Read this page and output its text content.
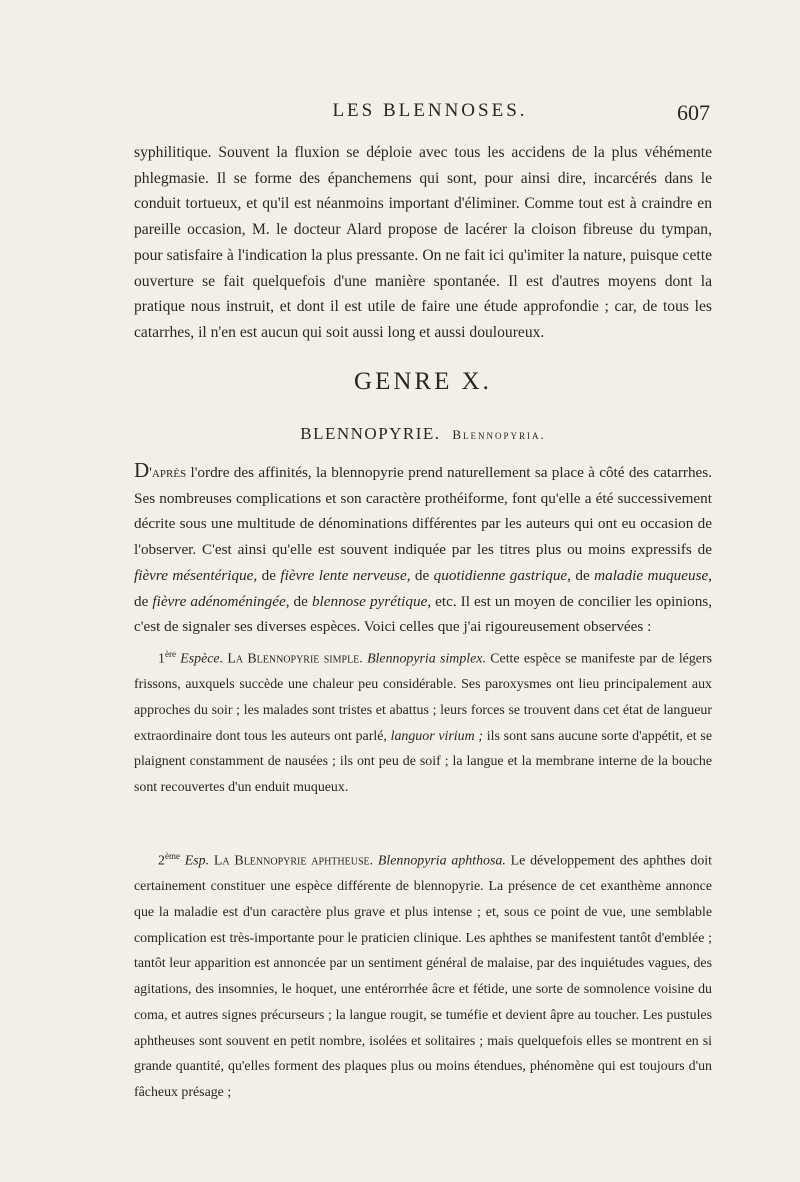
LES BLENNOSES.	607

syphilitique. Souvent la fluxion se déploie avec tous les accidens de la plus véhémente phlegmasie. Il se forme des épanchemens qui sont, pour ainsi dire, incarcérés dans le conduit tortueux, et qu'il est néanmoins important d'éliminer. Comme tout est à craindre en pareille occasion, M. le docteur Alard propose de lacérer la cloison fibreuse du tympan, pour satisfaire à l'indication la plus pressante. On ne fait ici qu'imiter la nature, puisque cette ouverture se fait quelquefois d'une manière spontanée. Il est d'autres moyens dont la pratique nous instruit, et dont il est utile de faire une étude approfondie ; car, de tous les catarrhes, il n'en est aucun qui soit aussi long et aussi douloureux.

GENRE X.
BLENNOPYRIE. Blennopyria.

D'après l'ordre des affinités, la blennopyrie prend naturellement sa place à côté des catarrhes. Ses nombreuses complications et son caractère prothéiforme, font qu'elle a été successivement décrite sous une multitude de dénominations différentes par les auteurs qui ont eu occasion de l'observer. C'est ainsi qu'elle est souvent indiquée par les titres plus ou moins expressifs de fièvre mésentérique, de fièvre lente nerveuse, de quotidienne gastrique, de maladie muqueuse, de fièvre adénoméningée, de blennose pyrétique, etc. Il est un moyen de concilier les opinions, c'est de signaler ses diverses espèces. Voici celles que j'ai rigoureusement observées :

1ère Espèce. La Blennopyrie simple. Blennopyria simplex. Cette espèce se manifeste par de légers frissons, auxquels succède une chaleur peu considérable. Ses paroxysmes ont lieu principalement aux approches du soir ; les malades sont tristes et abattus ; leurs forces se trouvent dans cet état de langueur extraordinaire dont tous les auteurs ont parlé, languor virium ; ils sont sans aucune sorte d'appétit, et se plaignent constamment de nausées ; ils ont peu de soif ; la langue et la membrane interne de la bouche sont recouvertes d'un enduit muqueux.

2ème Esp. La Blennopyrie aphtheuse. Blennopyria aphthosa. Le développement des aphthes doit certainement constituer une espèce différente de blennopyrie. La présence de cet exanthème annonce que la maladie est d'un caractère plus grave et plus intense ; et, sous ce point de vue, une semblable complication est très-importante pour le praticien clinique. Les aphthes se manifestent tantôt d'emblée ; tantôt leur apparition est annoncée par un sentiment général de malaise, par des inquiétudes vagues, des agitations, des insomnies, le hoquet, une entérorrhée âcre et fétide, une sorte de somnolence voisine du coma, et autres signes précurseurs ; la langue rougit, se tuméfie et devient âpre au toucher. Les pustules aphtheuses sont souvent en petit nombre, isolées et solitaires ; mais quelquefois elles se montrent en si grande quantité, qu'elles forment des plaques plus ou moins étendues, phénomène qui est toujours d'un fâcheux présage ;
